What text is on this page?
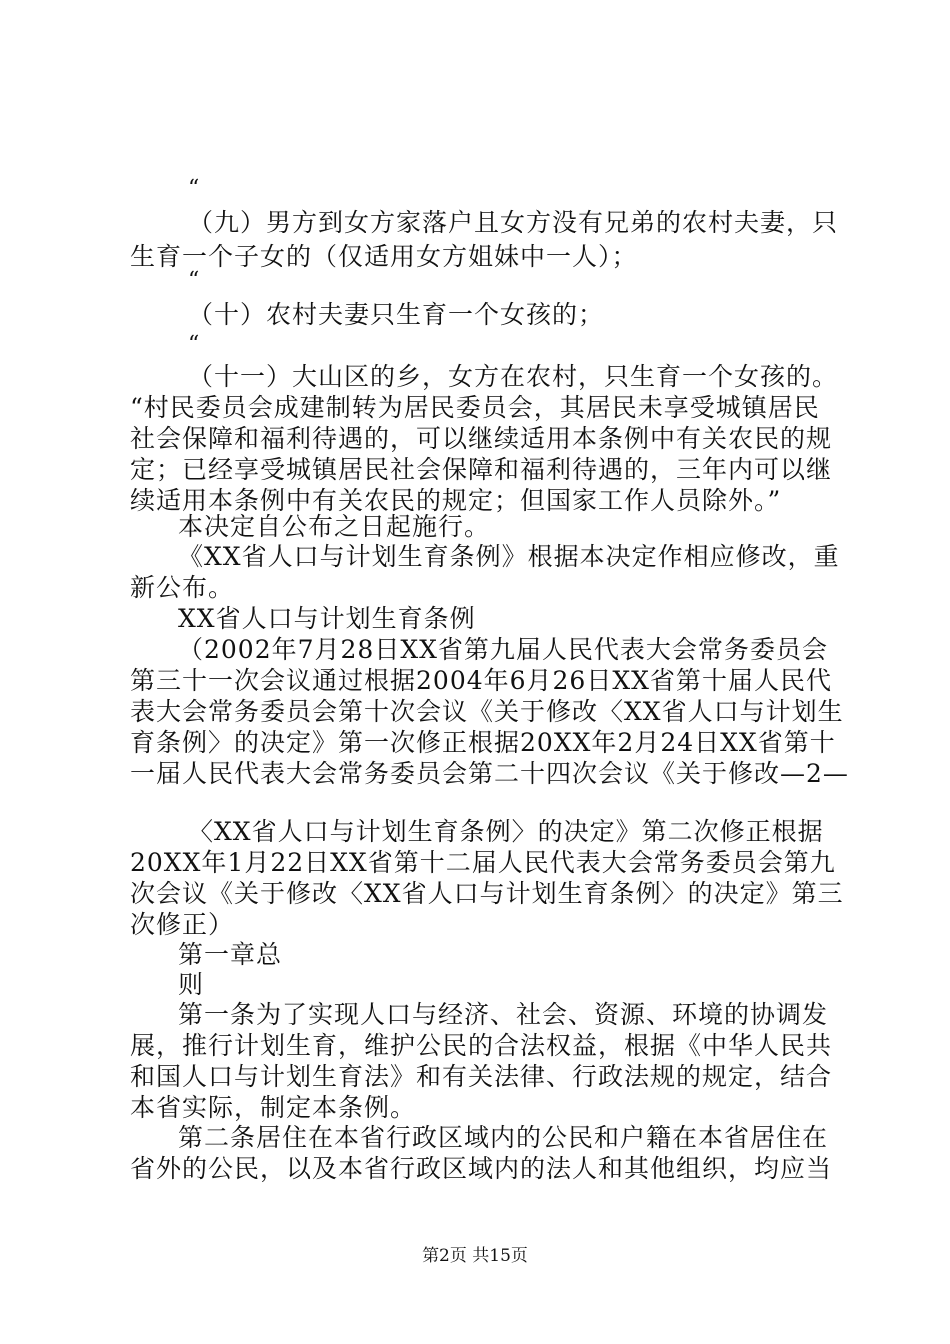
“
（九）男方到女方家落户且女方没有兄弟的农村夫妻，只
生育一个子女的（仅适用女方姐妹中一人）；
“
（十）农村夫妻只生育一个女孩的；
“
（十一）大山区的乡，女方在农村，只生育一个女孩的。
“村民委员会成建制转为居民委员会，其居民未享受城镇居民
社会保障和福利待遇的，可以继续适用本条例中有关农民的规
定；已经享受城镇居民社会保障和福利待遇的，三年内可以继
续适用本条例中有关农民的规定；但国家工作人员除外。”
本决定自公布之日起施行。
《XX省人口与计划生育条例》根据本决定作相应修改，重
新公布。
XX省人口与计划生育条例
（2002年7月28日XX省第九届人民代表大会常务委员会
第三十一次会议通过根据2004年6月26日XX省第十届人民代
表大会常务委员会第十次会议《关于修改〈XX省人口与计划生
育条例〉的决定》第一次修正根据20XX年2月24日XX省第十
一届人民代表大会常务委员会第二十四次会议《关于修改—2—
〈XX省人口与计划生育条例〉的决定》第二次修正根据
20XX年1月22日XX省第十二届人民代表大会常务委员会第九
次会议《关于修改〈XX省人口与计划生育条例〉的决定》第三
次修正）
第一章总
则
第一条为了实现人口与经济、社会、资源、环境的协调发
展，推行计划生育，维护公民的合法权益，根据《中华人民共
和国人口与计划生育法》和有关法律、行政法规的规定，结合
本省实际，制定本条例。
第二条居住在本省行政区域内的公民和户籍在本省居住在
省外的公民，以及本省行政区域内的法人和其他组织，均应当
第2页 共15页
